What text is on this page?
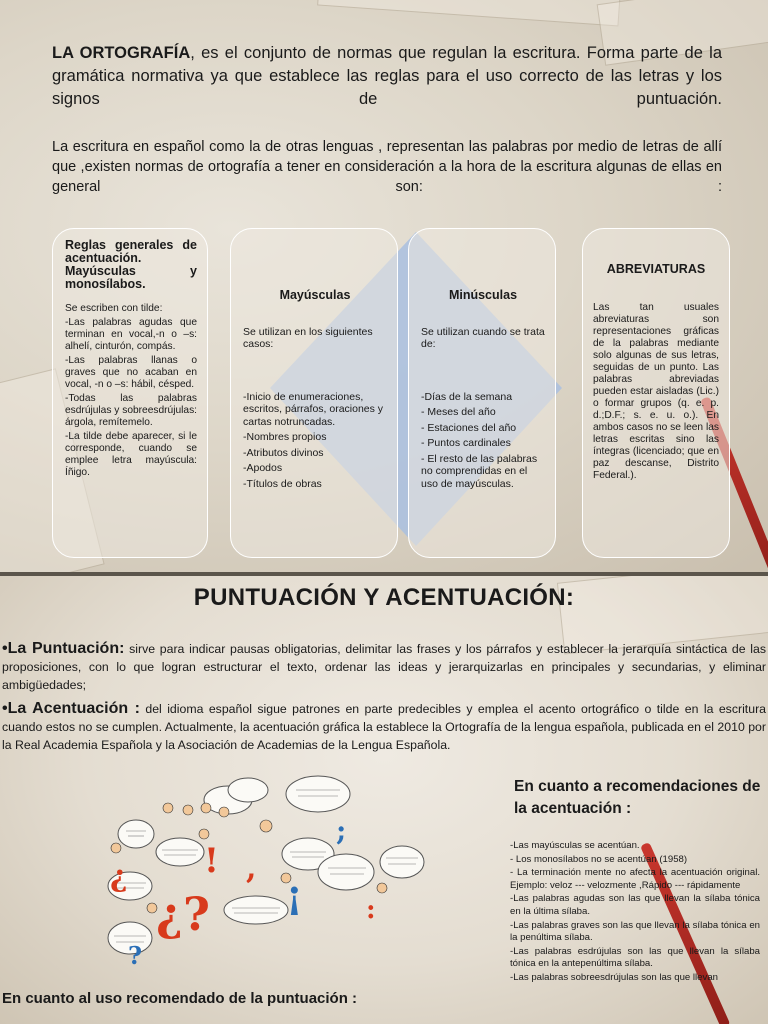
LA ORTOGRAFÍA, es el conjunto de normas que regulan la escritura. Forma parte de la gramática normativa ya que establece las reglas para el uso correcto de las letras y los signos de puntuación.
La escritura en español como la de otras lenguas , representan las palabras por medio de letras de allí que ,existen normas de ortografía a tener en consideración a la hora de la escritura algunas de ellas en general son: :
Reglas generales de acentuación. Mayúsculas y monosílabos.
Se escriben con tilde:
-Las palabras agudas que terminan en vocal,-n o –s: alhelí, cinturón, compás.
-Las palabras llanas o graves que no acaban en vocal, -n o –s: hábil, césped.
-Todas las palabras esdrújulas y sobreesdrújulas: árgola, remítemelo.
-La tilde debe aparecer, si le corresponde, cuando se emplee letra mayúscula: Íñigo.
Mayúsculas

Se utilizan en los siguientes casos:

-Inicio de enumeraciones, escritos, párrafos, oraciones y cartas notruncadas.
-Nombres propios
-Atributos divinos
-Apodos
-Títulos de obras
Minúsculas

Se utilizan cuando se trata de:

-Días de la semana
- Meses del año
- Estaciones del año
- Puntos cardinales
- El resto de las palabras no comprendidas en el uso de mayúsculas.
ABREVIATURAS

Las tan usuales abreviaturas son representaciones gráficas de la palabras mediante solo algunas de sus letras, seguidas de un punto. Las palabras abreviadas pueden estar aisladas (Lic.) o formar grupos (q. e. p. d.;D.F.; s. e. u. o.). En ambos casos no se leen las letras escritas sino las íntegras (licenciado; que en paz descanse, Distrito Federal.).

PUNTUACIÓN Y ACENTUACIÓN:
•La Puntuación: sirve para indicar pausas obligatorias, delimitar las frases y los párrafos y establecer la jerarquía sintáctica de las proposiciones, con lo que logran estructurar el texto, ordenar las ideas y jerarquizarlas en principales y secundarias, y eliminar ambigüedades;
•La Acentuación : del idioma español sigue patrones en parte predecibles y emplea el acento ortográfico o tilde en la escritura cuando estos no se cumplen. Actualmente, la acentuación gráfica la establece la Ortografía de la lengua española, publicada en el 2010 por la Real Academia Española y la Asociación de Academias de la Lengua Española.
!
¿
¿? ¡
,
;
:
?
En cuanto a recomendaciones de la acentuación :
-Las mayúsculas se acentúan.
- Los monosílabos no se acentúan (1958)
- La terminación mente no afecta la acentuación original. Ejemplo: veloz --- velozmente ,Rápido --- rápidamente
-Las palabras agudas son las que llevan la sílaba tónica en la última sílaba.
-Las palabras graves son las que llevan la sílaba tónica en la penúltima sílaba.
-Las palabras esdrújulas son las que llevan la sílaba tónica en la antepenúltima sílaba.
-Las palabras sobreesdrújulas son las que llevan
En cuanto al uso recomendado de la puntuación :
